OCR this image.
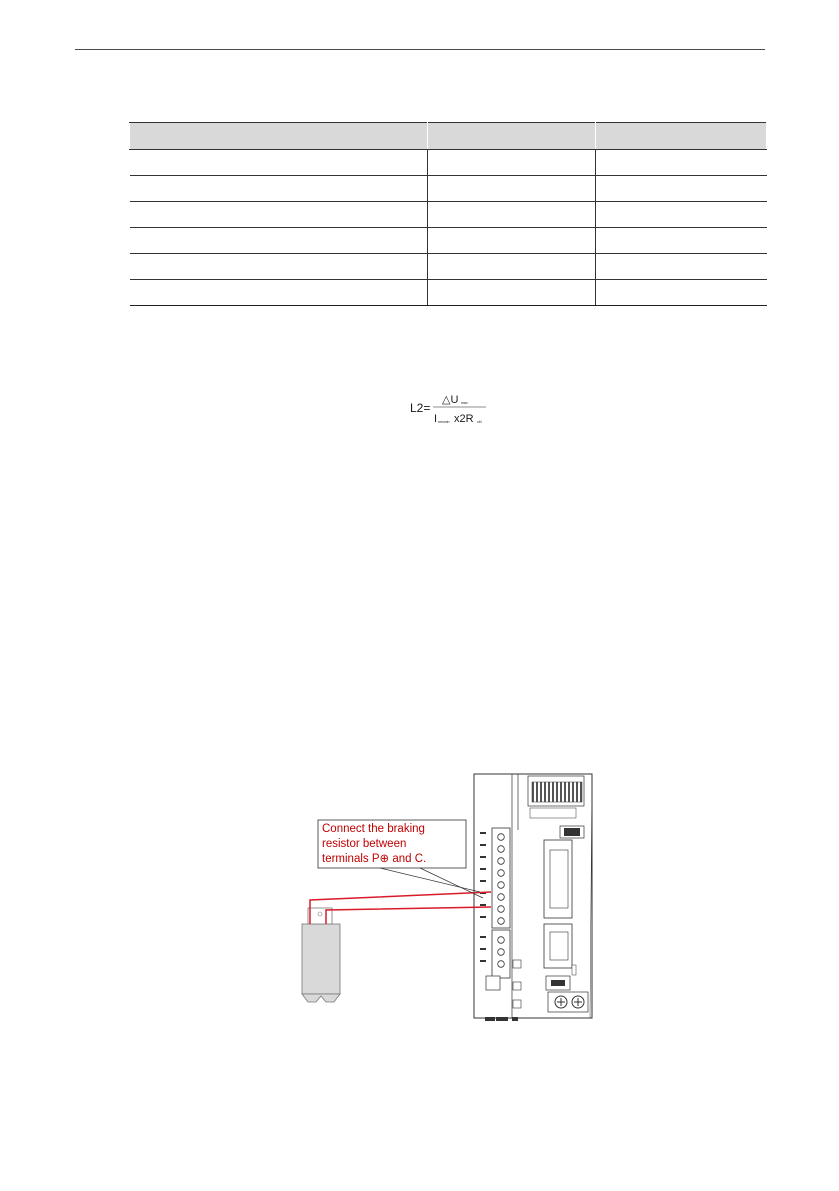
L2=
△U max
I rmsmin x2R cbl
Connect the braking
resistor between
terminals P⊕ and C.
